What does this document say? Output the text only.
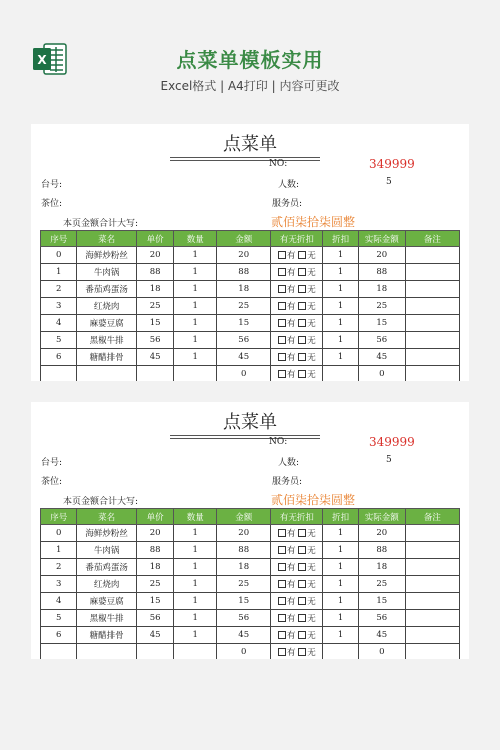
X	点菜单模板实用
Excel格式 | A4打印 | 内容可更改
点菜单
NO:	349999
台号:	人数:	5
茶位:	服务员:
本页金额合计大写:	贰佰柒拾柒圆整
序号	菜名	单价	数量	金额	有无折扣	折扣	实际金额	备注
0	海鲜炒粉丝	20	1	20	有 无	1	20	
1	牛肉锅	88	1	88	有 无	1	88	
2	番茄鸡蛋汤	18	1	18	有 无	1	18	
3	红烧肉	25	1	25	有 无	1	25	
4	麻婆豆腐	15	1	15	有 无	1	15	
5	黑椒牛排	56	1	56	有 无	1	56	
6	糖醋排骨	45	1	45	有 无	1	45	
				0	有 无		0	
点菜单
NO:	349999
台号:	人数:	5
茶位:	服务员:
本页金额合计大写:	贰佰柒拾柒圆整
序号	菜名	单价	数量	金额	有无折扣	折扣	实际金额	备注
0	海鲜炒粉丝	20	1	20	有 无	1	20	
1	牛肉锅	88	1	88	有 无	1	88	
2	番茄鸡蛋汤	18	1	18	有 无	1	18	
3	红烧肉	25	1	25	有 无	1	25	
4	麻婆豆腐	15	1	15	有 无	1	15	
5	黑椒牛排	56	1	56	有 无	1	56	
6	糖醋排骨	45	1	45	有 无	1	45	
				0	有 无		0	
